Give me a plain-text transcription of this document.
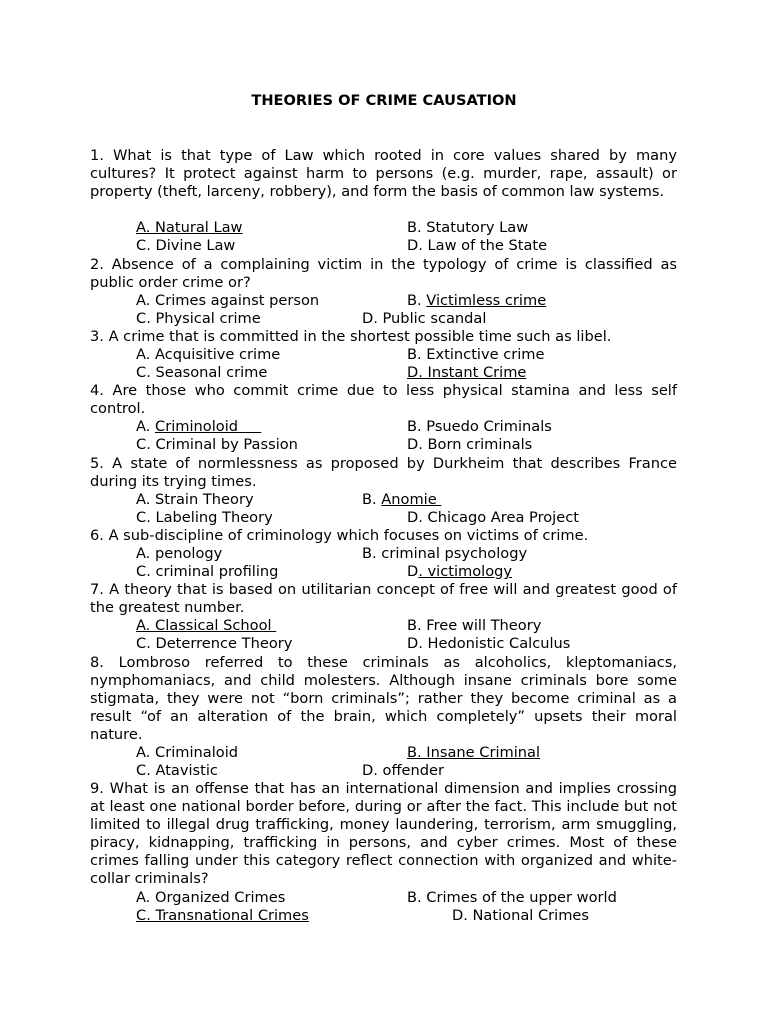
THEORIES OF CRIME CAUSATION
1. What is that type of Law which rooted in core values shared by many cultures? It protect against harm to persons (e.g. murder, rape, assault) or property (theft, larceny, robbery), and form the basis of common law systems.
A. Natural Law	B. Statutory Law
C. Divine Law	D. Law of the State
2. Absence of a complaining victim in the typology of crime is classified as public order crime or?
A. Crimes against person	B. Victimless crime
C. Physical crime	D. Public scandal
3. A crime that is committed in the shortest possible time such as libel.
A. Acquisitive crime	B. Extinctive crime
C. Seasonal crime	D. Instant Crime
4. Are those who commit crime due to less physical stamina and less self control.
A. Criminoloid	B. Psuedo Criminals
C. Criminal by Passion	D. Born criminals
5. A state of normlessness as proposed by Durkheim that describes France during its trying times.
A. Strain Theory	B. Anomie
C. Labeling Theory	D. Chicago Area Project
6. A sub-discipline of criminology which focuses on victims of crime.
A. penology	B. criminal psychology
C. criminal profiling	D. victimology
7. A theory that is based on utilitarian concept of free will and greatest good of the greatest number.
A. Classical School	B. Free will Theory
C. Deterrence Theory	D. Hedonistic Calculus
8. Lombroso referred to these criminals as alcoholics, kleptomaniacs, nymphomaniacs, and child molesters. Although insane criminals bore some stigmata, they were not “born criminals”; rather they become criminal as a result “of an alteration of the brain, which completely” upsets their moral nature.
A. Criminaloid	B. Insane Criminal
C. Atavistic	D. offender
9. What is an offense that has an international dimension and implies crossing at least one national border before, during or after the fact. This include but not limited to illegal drug trafficking, money laundering, terrorism, arm smuggling, piracy, kidnapping, trafficking in persons, and cyber crimes. Most of these crimes falling under this category reflect connection with organized and white-collar criminals?
A. Organized Crimes	B. Crimes of the upper world
C. Transnational Crimes	D. National Crimes
